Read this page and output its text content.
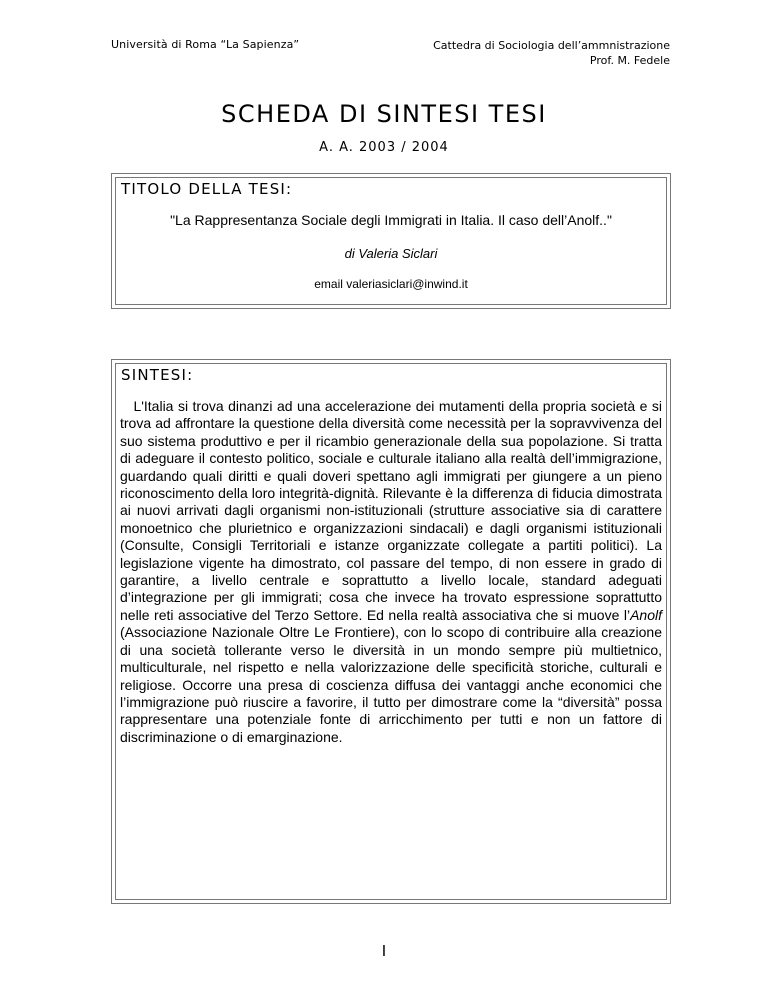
Università di Roma “La Sapienza”	Cattedra di Sociologia dell’ammnistrazione
Prof. M. Fedele
SCHEDA DI SINTESI TESI
A. A. 2003 / 2004
TITOLO DELLA TESI:
"La Rappresentanza Sociale degli Immigrati in Italia. Il caso dell’Anolf.."
di Valeria Siclari
email valeriasiclari@inwind.it
SINTESI:

L'Italia si trova dinanzi ad una accelerazione dei mutamenti della propria società e si trova ad affrontare la questione della diversità come necessità per la sopravvivenza del suo sistema produttivo e per il ricambio generazionale della sua popolazione. Si tratta di adeguare il contesto politico, sociale e culturale italiano alla realtà dell’immigrazione, guardando quali diritti e quali doveri spettano agli immigrati per giungere a un pieno riconoscimento della loro integrità-dignità. Rilevante è la differenza di fiducia dimostrata ai nuovi arrivati dagli organismi non-istituzionali (strutture associative sia di carattere monoetnico che plurietnico e organizzazioni sindacali) e dagli organismi istituzionali (Consulte, Consigli Territoriali e istanze organizzate collegate a partiti politici). La legislazione vigente ha dimostrato, col passare del tempo, di non essere in grado di garantire, a livello centrale e soprattutto a livello locale, standard adeguati d’integrazione per gli immigrati; cosa che invece ha trovato espressione soprattutto nelle reti associative del Terzo Settore. Ed nella realtà associativa che si muove l’Anolf (Associazione Nazionale Oltre Le Frontiere), con lo scopo di contribuire alla creazione di una società tollerante verso le diversità in un mondo sempre più multietnico, multiculturale, nel rispetto e nella valorizzazione delle specificità storiche, culturali e religiose. Occorre una presa di coscienza diffusa dei vantaggi anche economici che l’immigrazione può riuscire a favorire, il tutto per dimostrare come la “diversità” possa rappresentare una potenziale fonte di arricchimento per tutti e non un fattore di discriminazione o di emarginazione.

I
